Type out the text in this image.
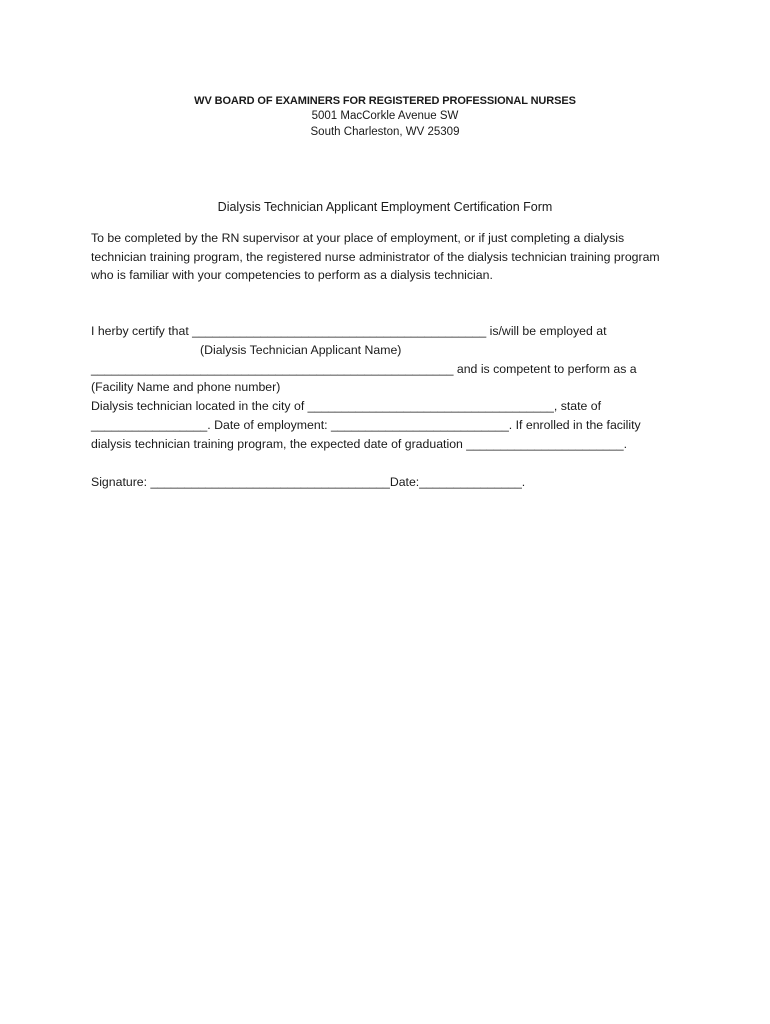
WV BOARD OF EXAMINERS FOR REGISTERED PROFESSIONAL NURSES
5001 MacCorkle Avenue SW
South Charleston, WV 25309
Dialysis Technician Applicant Employment Certification Form
To be completed by the RN supervisor at your place of employment, or if just completing a dialysis technician training program, the registered nurse administrator of the dialysis technician training program who is familiar with your competencies to perform as a dialysis technician.
I herby certify that ___________________________________________ is/will be employed at
(Dialysis Technician Applicant Name)
_____________________________________________________ and is competent to perform as a
(Facility Name and phone number)
Dialysis technician located in the city of ____________________________________, state of
_________________. Date of employment: __________________________. If enrolled in the facility
dialysis technician training program, the expected date of graduation _______________________.
Signature: ___________________________________Date:_______________.
